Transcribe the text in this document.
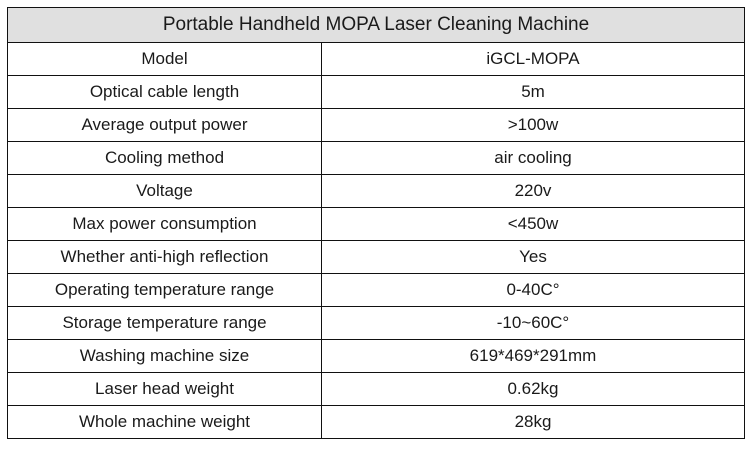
Portable Handheld MOPA Laser Cleaning Machine	
Model	iGCL-MOPA
Optical cable length	5m
Average output power	>100w
Cooling method	air cooling
Voltage	220v
Max power consumption	<450w
Whether anti-high reflection	Yes
Operating temperature range	0-40C°
Storage temperature range	-10~60C°
Washing machine size	619*469*291mm
Laser head weight	0.62kg
Whole machine weight	28kg
